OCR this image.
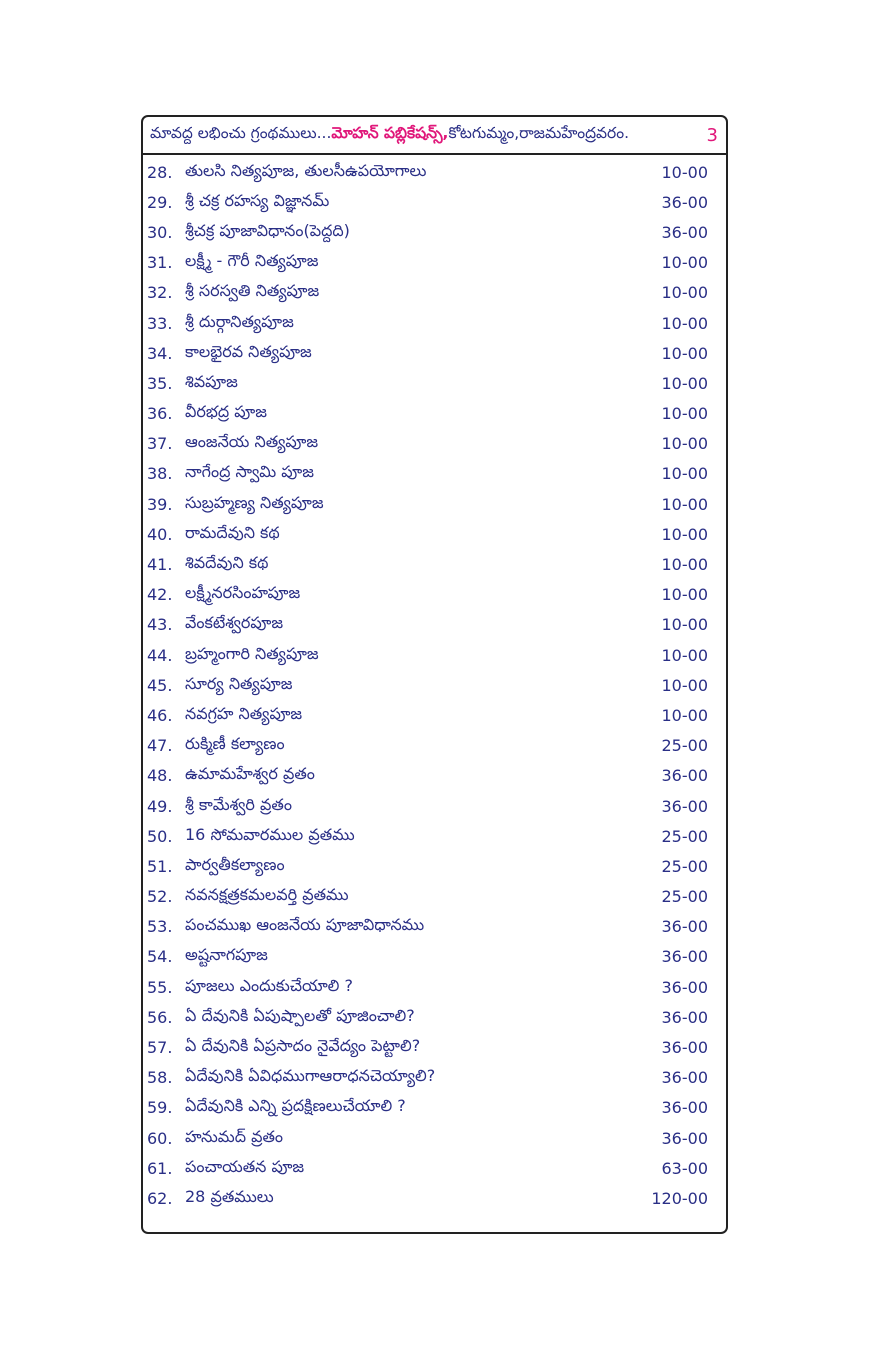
మావద్ద లభించు గ్రంథములు... మోహన్ పబ్లికేషన్స్, కోటగుమ్మం,రాజమహేంద్రవరం.	3
28. తులసి నిత్యపూజ, తులసీఉపయోగాలు	10-00
29. శ్రీ చక్ర రహస్య విజ్ఞానమ్	36-00
30. శ్రీచక్ర పూజావిధానం(పెద్దది)	36-00
31. లక్ష్మీ - గౌరీ నిత్యపూజ	10-00
32. శ్రీ సరస్వతి నిత్యపూజ	10-00
33. శ్రీ దుర్గానిత్యపూజ	10-00
34. కాలభైరవ నిత్యపూజ	10-00
35. శివపూజ	10-00
36. వీరభద్ర పూజ	10-00
37. ఆంజనేయ నిత్యపూజ	10-00
38. నాగేంద్ర స్వామి పూజ	10-00
39. సుబ్రహ్మణ్య నిత్యపూజ	10-00
40. రామదేవుని కథ	10-00
41. శివదేవుని కథ	10-00
42. లక్ష్మీనరసింహపూజ	10-00
43. వేంకటేశ్వరపూజ	10-00
44. బ్రహ్మంగారి నిత్యపూజ	10-00
45. సూర్య నిత్యపూజ	10-00
46. నవగ్రహ నిత్యపూజ	10-00
47. రుక్మిణీ కల్యాణం	25-00
48. ఉమామహేశ్వర వ్రతం	36-00
49. శ్రీ కామేశ్వరి వ్రతం	36-00
50. 16 సోమవారముల వ్రతము	25-00
51. పార్వతీకల్యాణం	25-00
52. నవనక్షత్రకమలవర్తి వ్రతము	25-00
53. పంచముఖ ఆంజనేయ పూజావిధానము	36-00
54. అష్టనాగపూజ	36-00
55. పూజలు ఎందుకుచేయాలి ?	36-00
56. ఏ దేవునికి ఏపుష్పాలతో పూజించాలి?	36-00
57. ఏ దేవునికి ఏప్రసాదం నైవేద్యం పెట్టాలి?	36-00
58. ఏదేవునికి ఏవిధముగాఆరాధనచెయ్యాలి?	36-00
59. ఏదేవునికి ఎన్ని ప్రదక్షిణలుచేయాలి ?	36-00
60. హనుమద్ వ్రతం	36-00
61. పంచాయతన పూజ	63-00
62. 28 వ్రతములు	120-00
